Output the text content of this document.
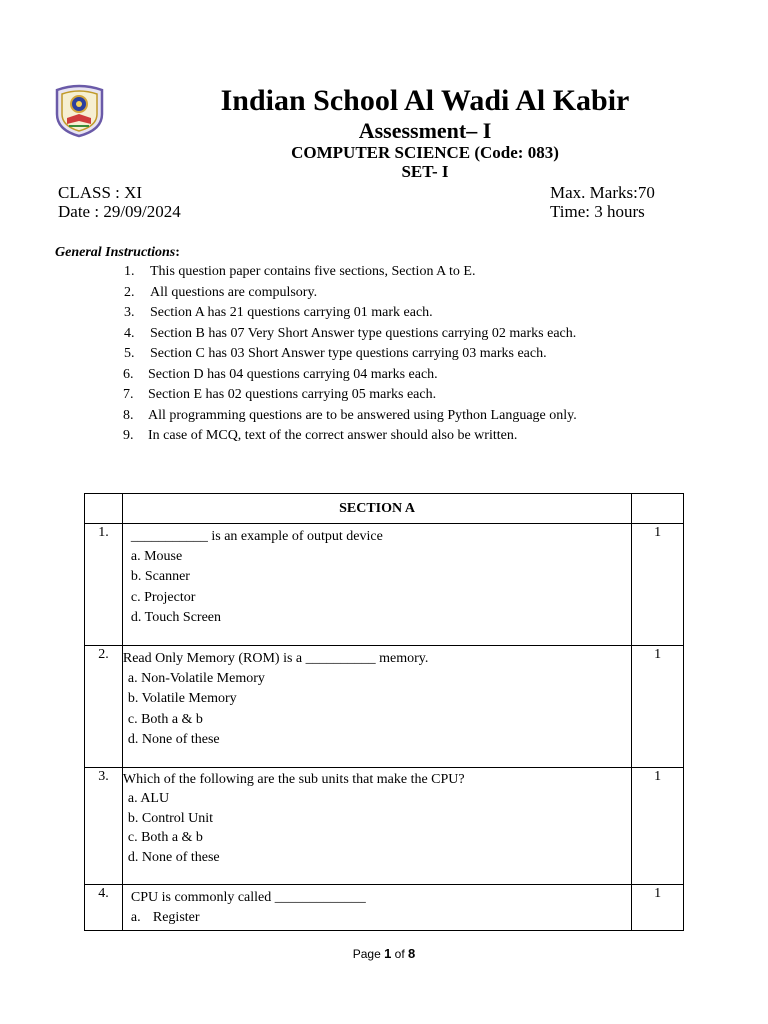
Indian School Al Wadi Al Kabir
Assessment– I
COMPUTER SCIENCE (Code: 083)
SET- I
CLASS : XI
Date : 29/09/2024
Max. Marks:70
Time: 3 hours
General Instructions:
1. This question paper contains five sections, Section A to E.
2. All questions are compulsory.
3. Section A has 21 questions carrying 01 mark each.
4. Section B has 07 Very Short Answer type questions carrying 02 marks each.
5. Section C has 03 Short Answer type questions carrying 03 marks each.
6. Section D has 04 questions carrying 04 marks each.
7. Section E has 02 questions carrying 05 marks each.
8. All programming questions are to be answered using Python Language only.
9. In case of MCQ, text of the correct answer should also be written.
	SECTION A	
1.	___________ is an example of output device
a. Mouse
b. Scanner
c. Projector
d. Touch Screen	1
2.	Read Only Memory (ROM) is a __________ memory.
a. Non-Volatile Memory
b. Volatile Memory
c. Both a & b
d. None of these	1
3.	Which of the following are the sub units that make the CPU?
a. ALU
b. Control Unit
c. Both a & b
d. None of these	1
4.	CPU is commonly called _____________
a. Register	1
Page 1 of 8
